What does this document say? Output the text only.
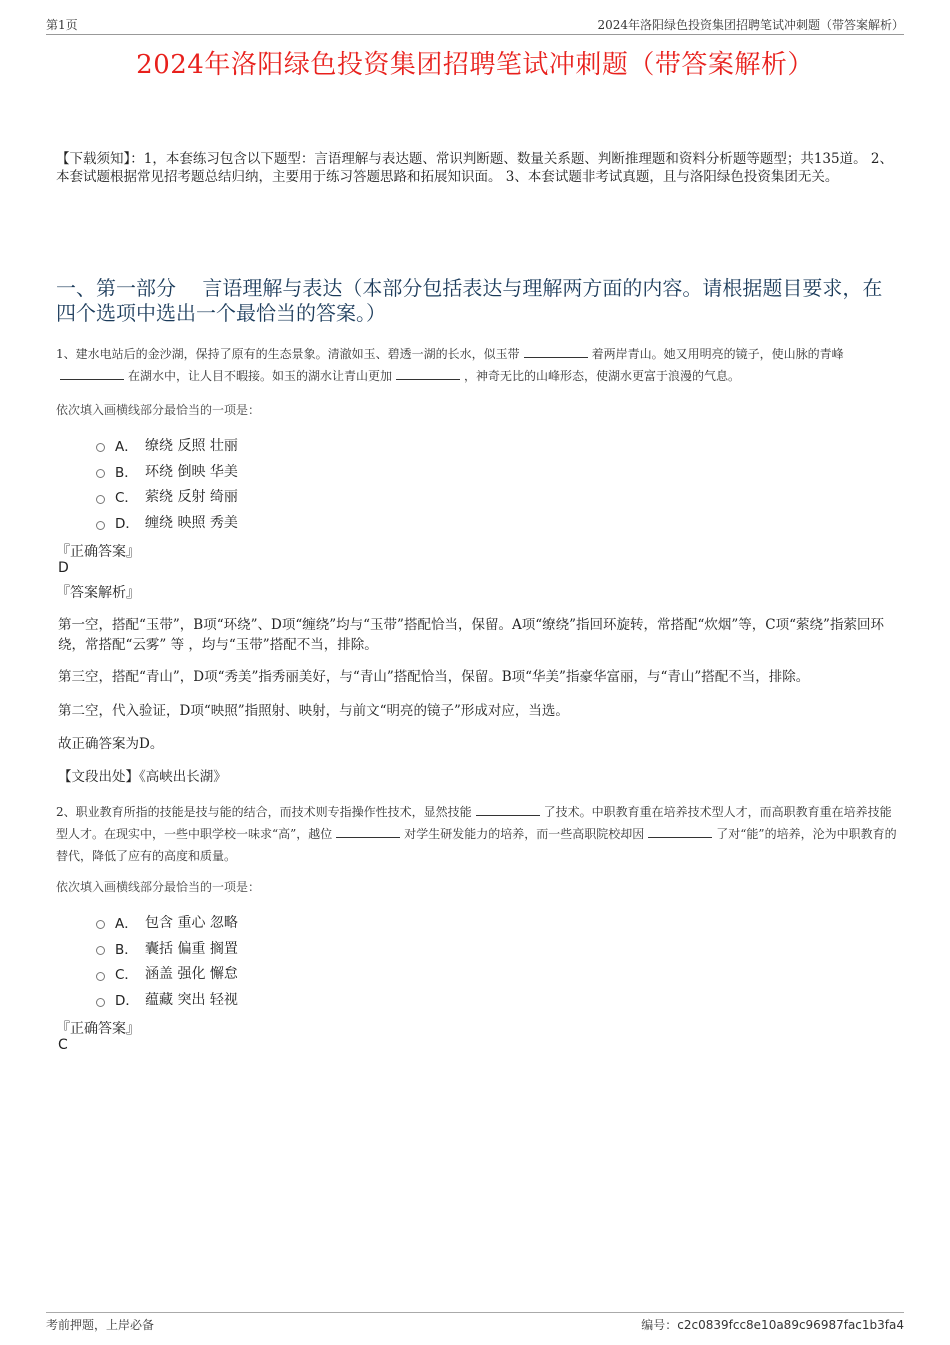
第1页	2024年洛阳绿色投资集团招聘笔试冲刺题（带答案解析）
2024年洛阳绿色投资集团招聘笔试冲刺题（带答案解析）
【下载须知】：1，本套练习包含以下题型：言语理解与表达题、常识判断题、数量关系题、判断推理题和资料分析题等题型；共135道。 2、本套试题根据常见招考题总结归纳，主要用于练习答题思路和拓展知识面。 3、本套试题非考试真题，且与洛阳绿色投资集团无关。
一、第一部分　 言语理解与表达（本部分包括表达与理解两方面的内容。请根据题目要求，在四个选项中选出一个最恰当的答案。）
1、建水电站后的金沙湖，保持了原有的生态景象。清澈如玉、碧透一湖的长水，似玉带	着两岸青山。她又用明亮的镜子，使山脉的青峰在湖水中，让人目不暇接。如玉的湖水让青山更加	，神奇无比的山峰形态，使湖水更富于浪漫的气息。
依次填入画横线部分最恰当的一项是：
A． 缭绕 反照 壮丽
B． 环绕 倒映 华美
C． 萦绕 反射 绮丽
D． 缠绕 映照 秀美
『正确答案』
D
『答案解析』
第一空，搭配“玉带”，B项“环绕”、D项“缠绕”均与“玉带”搭配恰当，保留。A项“缭绕”指回环旋转，常搭配“炊烟”等，C项“萦绕”指萦回环绕，常搭配“云雾” 等 ，均与“玉带”搭配不当，排除。
第三空，搭配“青山”，D项“秀美”指秀丽美好，与“青山”搭配恰当，保留。B项“华美”指豪华富丽，与“青山”搭配不当，排除。
第二空，代入验证，D项“映照”指照射、映射，与前文“明亮的镜子”形成对应，当选。
故正确答案为D。
【文段出处】《高峡出长湖》
2、职业教育所指的技能是技与能的结合，而技术则专指操作性技术，显然技能	了技术。中职教育重在培养技术型人才，而高职教育重在培养技能型人才。在现实中，一些中职学校一味求“高”，越位	对学生研发能力的培养，而一些高职院校却因	了对“能”的培养，沦为中职教育的替代，降低了应有的高度和质量。
依次填入画横线部分最恰当的一项是：
A． 包含 重心 忽略
B． 囊括 偏重 搁置
C． 涵盖 强化 懈怠
D． 蕴藏 突出 轻视
『正确答案』
C
考前押题，上岸必备	编号：c2c0839fcc8e10a89c96987fac1b3fa4
